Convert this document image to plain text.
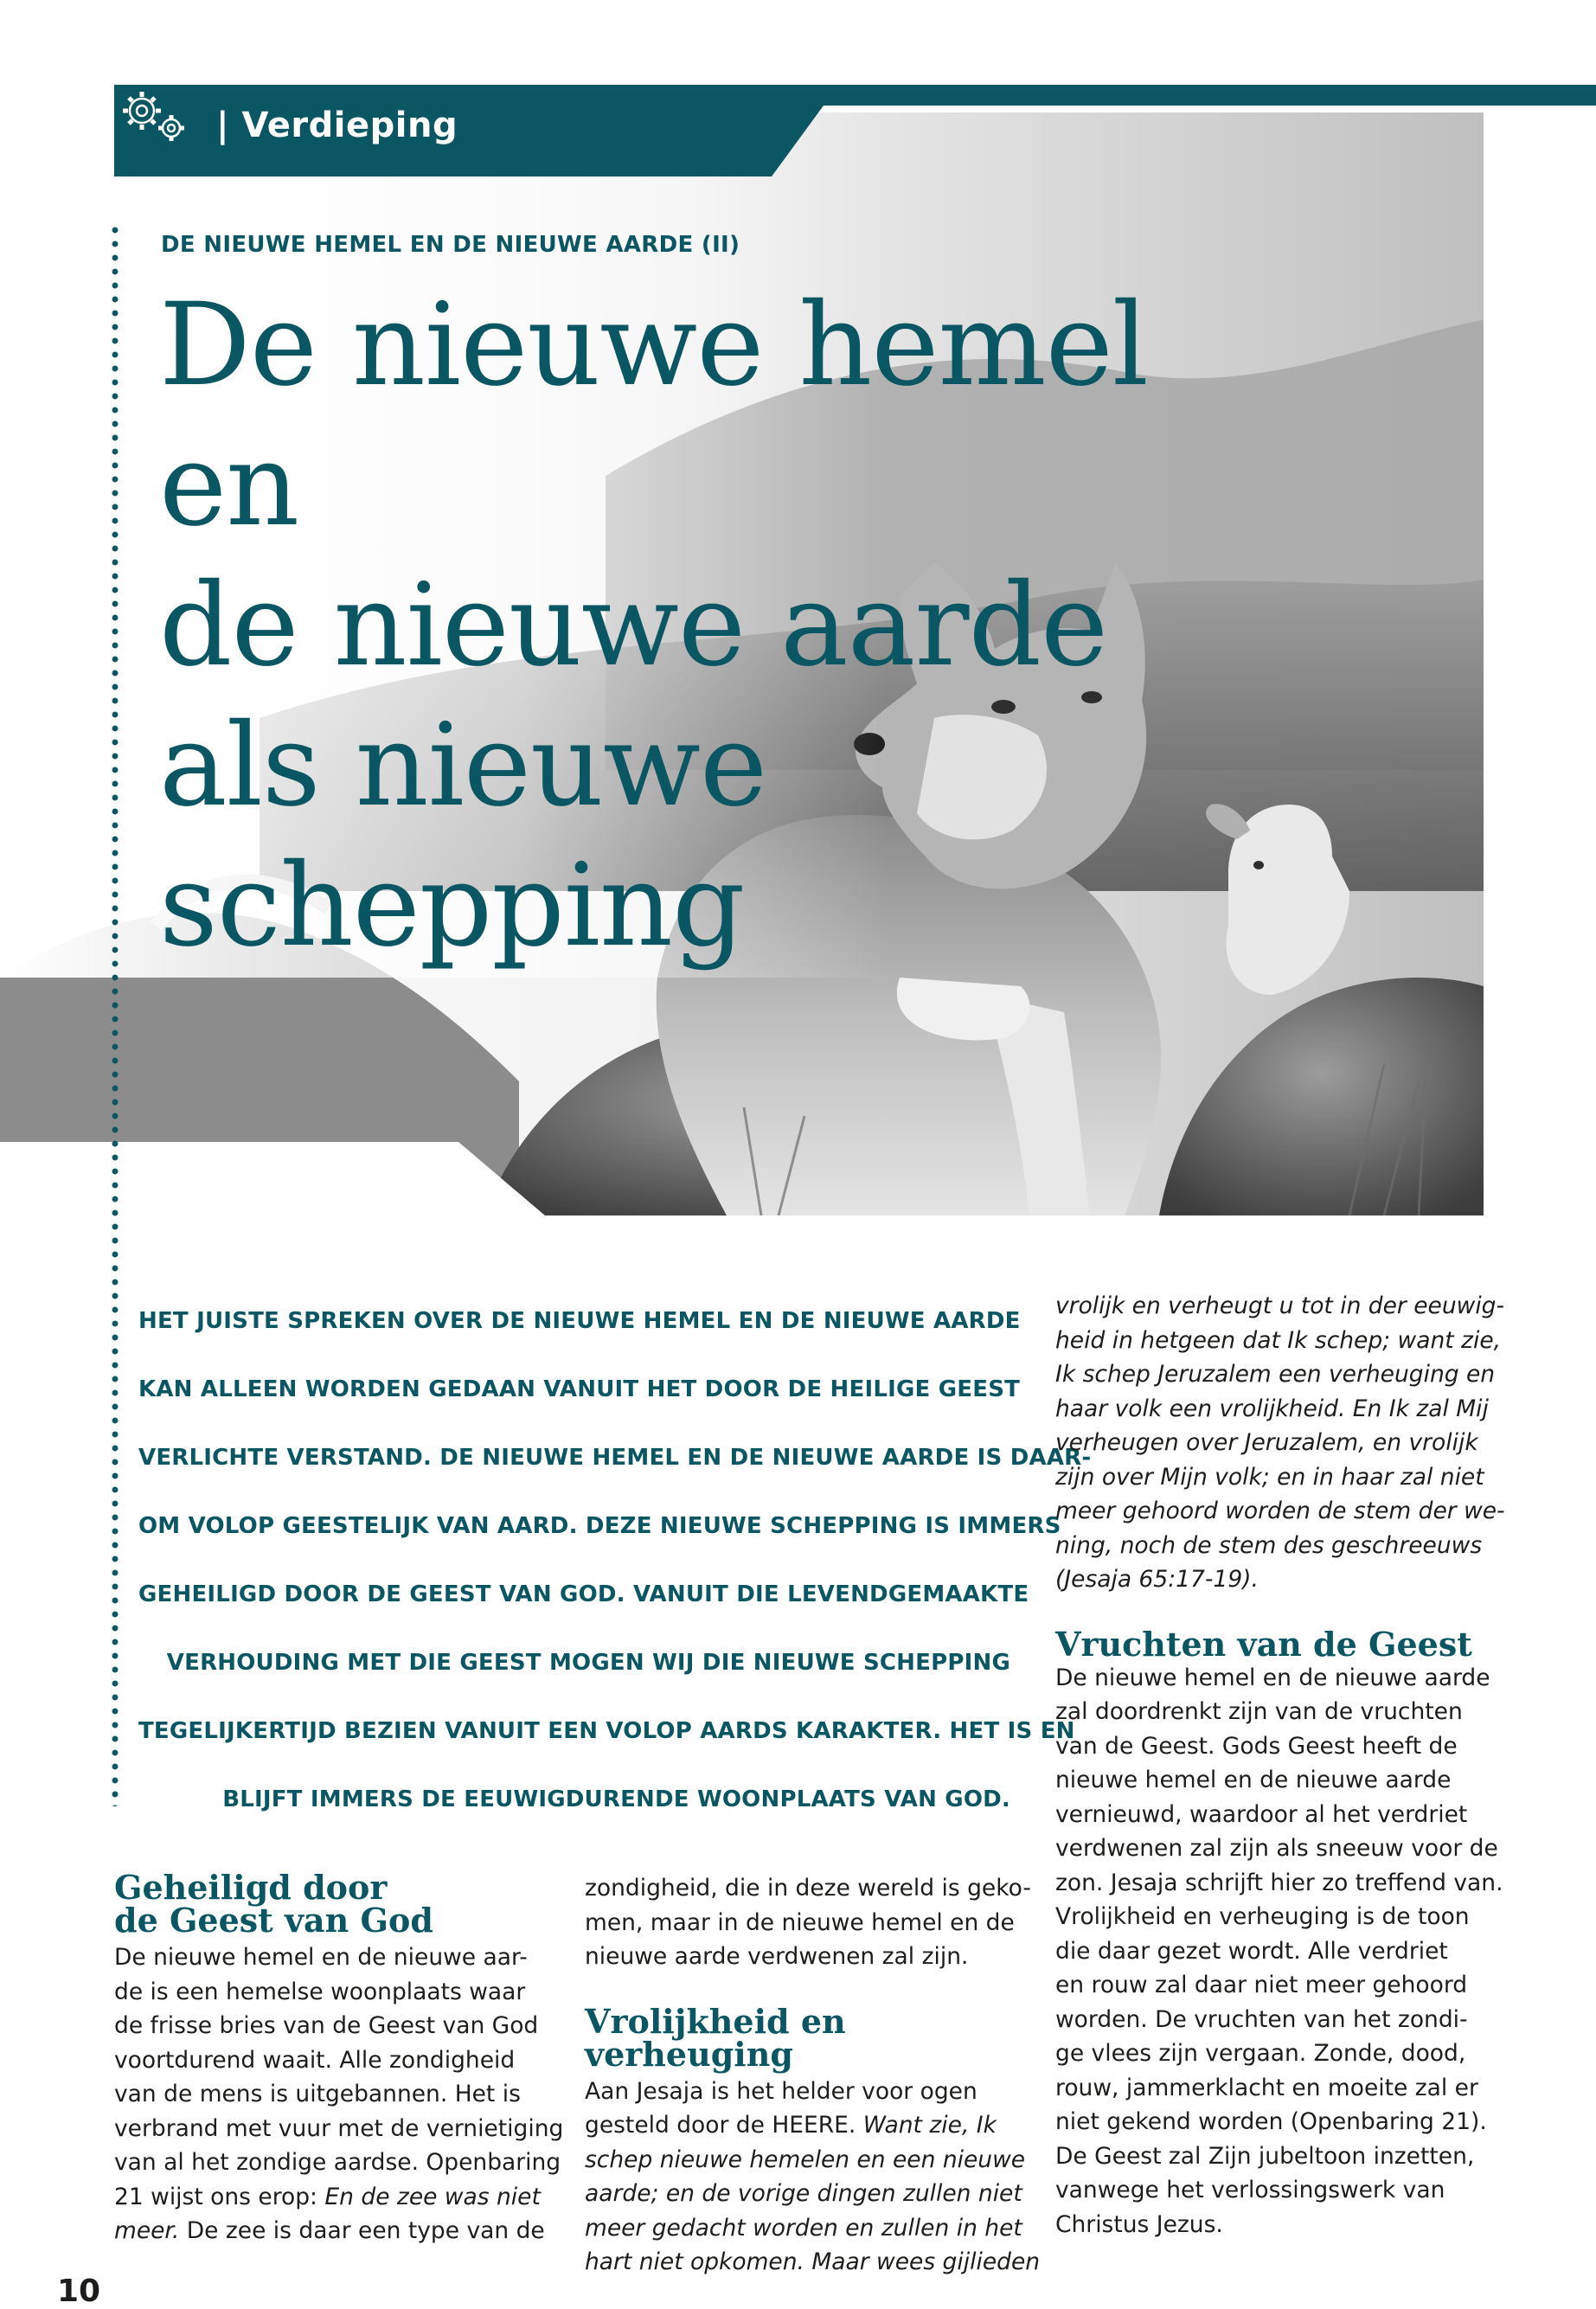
| Verdieping
DE NIEUWE HEMEL EN DE NIEUWE AARDE (II)
De nieuwe hemel en
de nieuwe aarde
als nieuwe
schepping

HET JUISTE SPREKEN OVER DE NIEUWE HEMEL EN DE NIEUWE AARDE
KAN ALLEEN WORDEN GEDAAN VANUIT HET DOOR DE HEILIGE GEEST
VERLICHTE VERSTAND. DE NIEUWE HEMEL EN DE NIEUWE AARDE IS DAAR-
OM VOLOP GEESTELIJK VAN AARD. DEZE NIEUWE SCHEPPING IS IMMERS
GEHEILIGD DOOR DE GEEST VAN GOD. VANUIT DIE LEVENDGEMAAKTE
VERHOUDING MET DIE GEEST MOGEN WIJ DIE NIEUWE SCHEPPING
TEGELIJKERTIJD BEZIEN VANUIT EEN VOLOP AARDS KARAKTER. HET IS EN
BLIJFT IMMERS DE EEUWIGDURENDE WOONPLAATS VAN GOD.

Geheiligd door
de Geest van God

De nieuwe hemel en de nieuwe aar-
de is een hemelse woonplaats waar
de frisse bries van de Geest van God
voortdurend waait. Alle zondigheid
van de mens is uitgebannen. Het is
verbrand met vuur met de vernietiging
van al het zondige aardse. Openbaring
21 wijst ons erop: En de zee was niet
meer. De zee is daar een type van de

zondigheid, die in deze wereld is geko-
men, maar in de nieuwe hemel en de
nieuwe aarde verdwenen zal zijn.

Vrolijkheid en verheuging

Aan Jesaja is het helder voor ogen
gesteld door de HEERE. Want zie, Ik
schep nieuwe hemelen en een nieuwe
aarde; en de vorige dingen zullen niet
meer gedacht worden en zullen in het
hart niet opkomen. Maar wees gijlieden

vrolijk en verheugt u tot in der eeuwig-
heid in hetgeen dat Ik schep; want zie,
Ik schep Jeruzalem een verheuging en
haar volk een vrolijkheid. En Ik zal Mij
verheugen over Jeruzalem, en vrolijk
zijn over Mijn volk; en in haar zal niet
meer gehoord worden de stem der we-
ning, noch de stem des geschreeuws
(Jesaja 65:17-19).

Vruchten van de Geest

De nieuwe hemel en de nieuwe aarde
zal doordrenkt zijn van de vruchten
van de Geest. Gods Geest heeft de
nieuwe hemel en de nieuwe aarde
vernieuwd, waardoor al het verdriet
verdwenen zal zijn als sneeuw voor de
zon. Jesaja schrijft hier zo treffend van.
Vrolijkheid en verheuging is de toon
die daar gezet wordt. Alle verdriet
en rouw zal daar niet meer gehoord
worden. De vruchten van het zondi-
ge vlees zijn vergaan. Zonde, dood,
rouw, jammerklacht en moeite zal er
niet gekend worden (Openbaring 21).
De Geest zal Zijn jubeltoon inzetten,
vanwege het verlossingswerk van
Christus Jezus.

10
